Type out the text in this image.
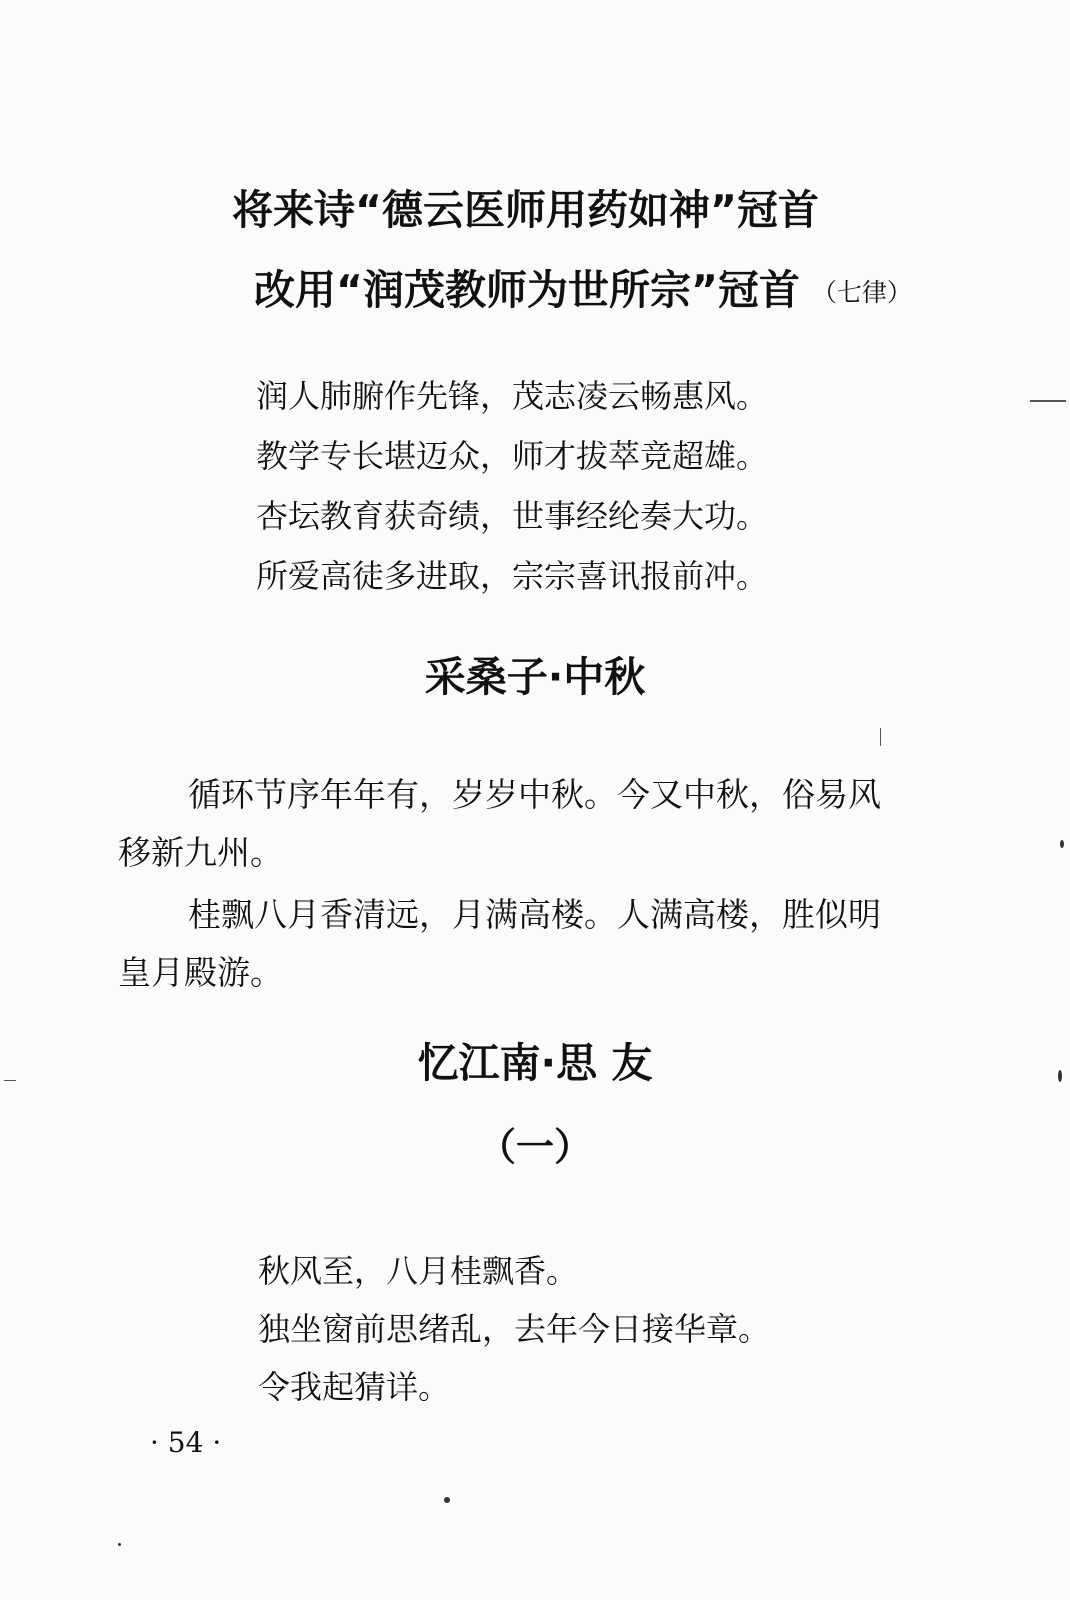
将来诗“德云医师用药如神”冠首
改用“润茂教师为世所宗”冠首 （七律）
润人肺腑作先锋，茂志凌云畅惠风。
教学专长堪迈众，师才拔萃竞超雄。
杏坛教育获奇绩，世事经纶奏大功。
所爱高徒多进取，宗宗喜讯报前冲。
采桑子·中秋
循环节序年年有，岁岁中秋。今又中秋，俗易风
移新九州。
桂飘八月香清远，月满高楼。人满高楼，胜似明
皇月殿游。
忆江南·思 友
（一）
秋风至，八月桂飘香。
独坐窗前思绪乱，去年今日接华章。
令我起猜详。
· 54 ·
